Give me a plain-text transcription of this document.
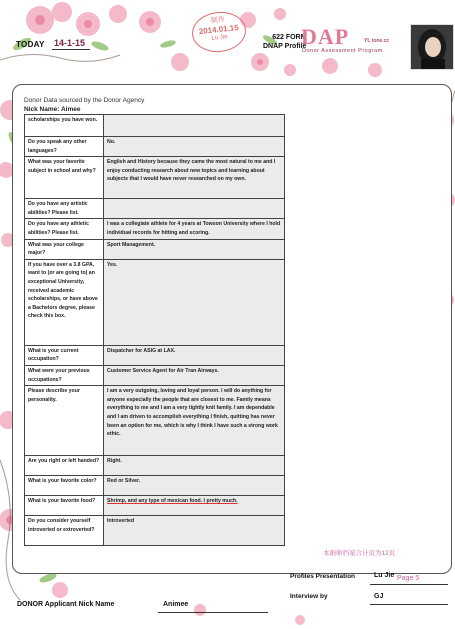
TODAY 14-1-15
制作
2014.01.15
Lu Jie	622 FORM
DNAP Profile
DAP	YL tone.cc
Donor Assessment Program
Donor Data sourced by the Donor Agency
Nick Name: Aimee
scholarships you have won.	
Do you speak any other languages?	No.
What was your favorite subject in school and why?	English and History because they came the most natural to me and I enjoy conducting research about new topics and learning about subjects that I would have never researched on my own.
Do you have any artistic abilities? Please list.	
Do you have any athletic abilities? Please list.	I was a collegiate athlete for 4 years at Towson University where I hold individual records for hitting and scoring.
What was your college major?	Sport Management.
If you have over a 3.8 GPA, want to (or are going to) an exceptional University, received academic scholarships, or have above a Bachelors degree, please check this box.	Yes.
What is your current occupation?	Dispatcher for ASIG at LAX.
What were your previous occupations?	Customer Service Agent for Air Tran Airways.
Please describe your personality.	I am a very outgoing, loving and loyal person. I will do anything for anyone especially the people that are closest to me. Family means everything to me and I am a very tightly knit family. I am dependable and I am driven to accomplish everything I finish, quitting has never been an option for me, which is why I think I have such a strong work ethic.
Are you right or left handed?	Right.
What is your favorite color?	Red or Silver.
What is your favorite food?	Shrimp, and any type of mexican food. I pretty much.
Do you consider yourself introverted or extroverted?	Introverted
本捐卵档案合计页为12页
Profiles Presentation	Lu Jie Page 5
Interview by	GJ
DONOR Applicant Nick Name	Animee
